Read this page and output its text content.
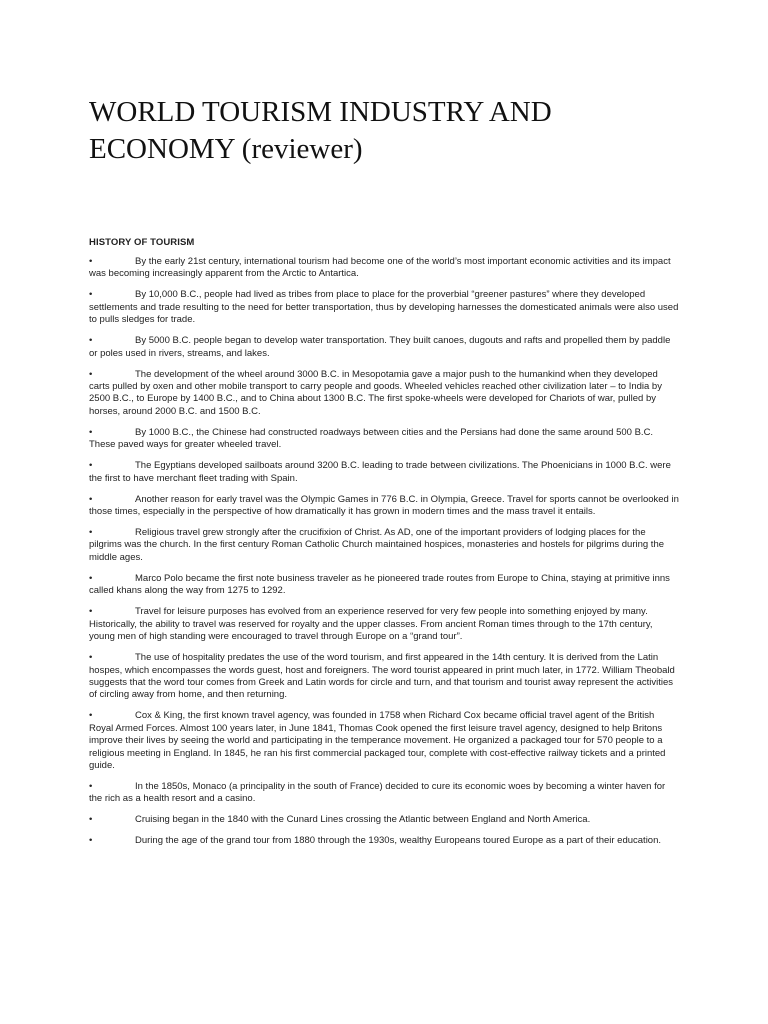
WORLD TOURISM INDUSTRY AND ECONOMY (reviewer)
HISTORY OF TOURISM
•	By the early 21st century, international tourism had become one of the world’s most important economic activities and its impact was becoming increasingly apparent from the Arctic to Antartica.
•	By 10,000 B.C., people had lived as tribes from place to place for the proverbial “greener pastures” where they developed settlements and trade resulting to the need for better transportation, thus by developing harnesses the domesticated animals were also used to pulls sledges for trade.
•	By 5000 B.C. people began to develop water transportation. They built canoes, dugouts and rafts and propelled them by paddle or poles used in rivers, streams, and lakes.
•	The development of the wheel around 3000 B.C. in Mesopotamia gave a major push to the humankind when they developed carts pulled by oxen and other mobile transport to carry people and goods. Wheeled vehicles reached other civilization later – to India by 2500 B.C., to Europe by 1400 B.C., and to China about 1300 B.C. The first spoke-wheels were developed for Chariots of war, pulled by horses, around 2000 B.C. and 1500 B.C.
•	By 1000 B.C., the Chinese had constructed roadways between cities and the Persians had done the same around 500 B.C. These paved ways for greater wheeled travel.
•	The Egyptians developed sailboats around 3200 B.C. leading to trade between civilizations. The Phoenicians in 1000 B.C. were the first to have merchant fleet trading with Spain.
•	Another reason for early travel was the Olympic Games in 776 B.C. in Olympia, Greece. Travel for sports cannot be overlooked in those times, especially in the perspective of how dramatically it has grown in modern times and the mass travel it entails.
•	Religious travel grew strongly after the crucifixion of Christ. As AD, one of the important providers of lodging places for the pilgrims was the church. In the first century Roman Catholic Church maintained hospices, monasteries and hostels for pilgrims during the middle ages.
•	Marco Polo became the first note business traveler as he pioneered trade routes from Europe to China, staying at primitive inns called khans along the way from 1275 to 1292.
•	Travel for leisure purposes has evolved from an experience reserved for very few people into something enjoyed by many. Historically, the ability to travel was reserved for royalty and the upper classes. From ancient Roman times through to the 17th century, young men of high standing were encouraged to travel through Europe on a “grand tour”.
•	The use of hospitality predates the use of the word tourism, and first appeared in the 14th century. It is derived from the Latin hospes, which encompasses the words guest, host and foreigners. The word tourist appeared in print much later, in 1772. William Theobald suggests that the word tour comes from Greek and Latin words for circle and turn, and that tourism and tourist away represent the activities of circling away from home, and then returning.
•	Cox & King, the first known travel agency, was founded in 1758 when Richard Cox became official travel agent of the British Royal Armed Forces. Almost 100 years later, in June 1841, Thomas Cook opened the first leisure travel agency, designed to help Britons improve their lives by seeing the world and participating in the temperance movement. He organized a packaged tour for 570 people to a religious meeting in England. In 1845, he ran his first commercial packaged tour, complete with cost-effective railway tickets and a printed guide.
•	In the 1850s, Monaco (a principality in the south of France) decided to cure its economic woes by becoming a winter haven for the rich as a health resort and a casino.
•	Cruising began in the 1840 with the Cunard Lines crossing the Atlantic between England and North America.
•	During the age of the grand tour from 1880 through the 1930s, wealthy Europeans toured Europe as a part of their education.
